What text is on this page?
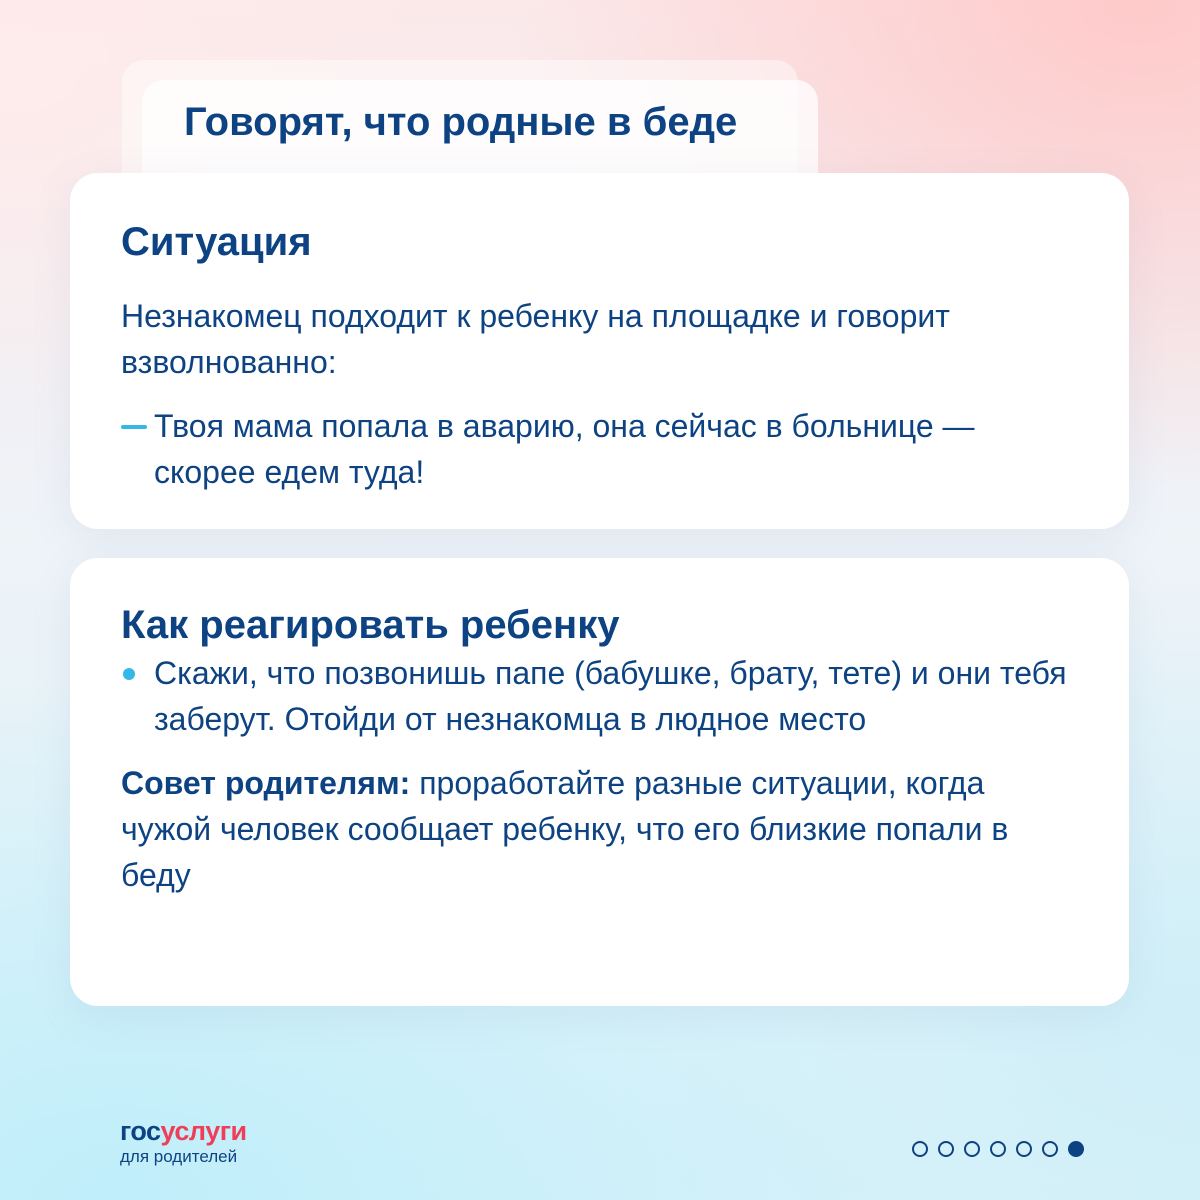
Говорят, что родные в беде
Ситуация

Незнакомец подходит к ребенку на площадке и говорит взволнованно:

Твоя мама попала в аварию, она сейчас в больнице — скорее едем туда!

Как реагировать ребенку
Скажи, что позвонишь папе (бабушке, брату, тете) и они тебя заберут. Отойди от незнакомца в людное место

Совет родителям: проработайте разные ситуации, когда чужой человек сообщает ребенку, что его близкие попали в беду

госуслуги
для родителей
